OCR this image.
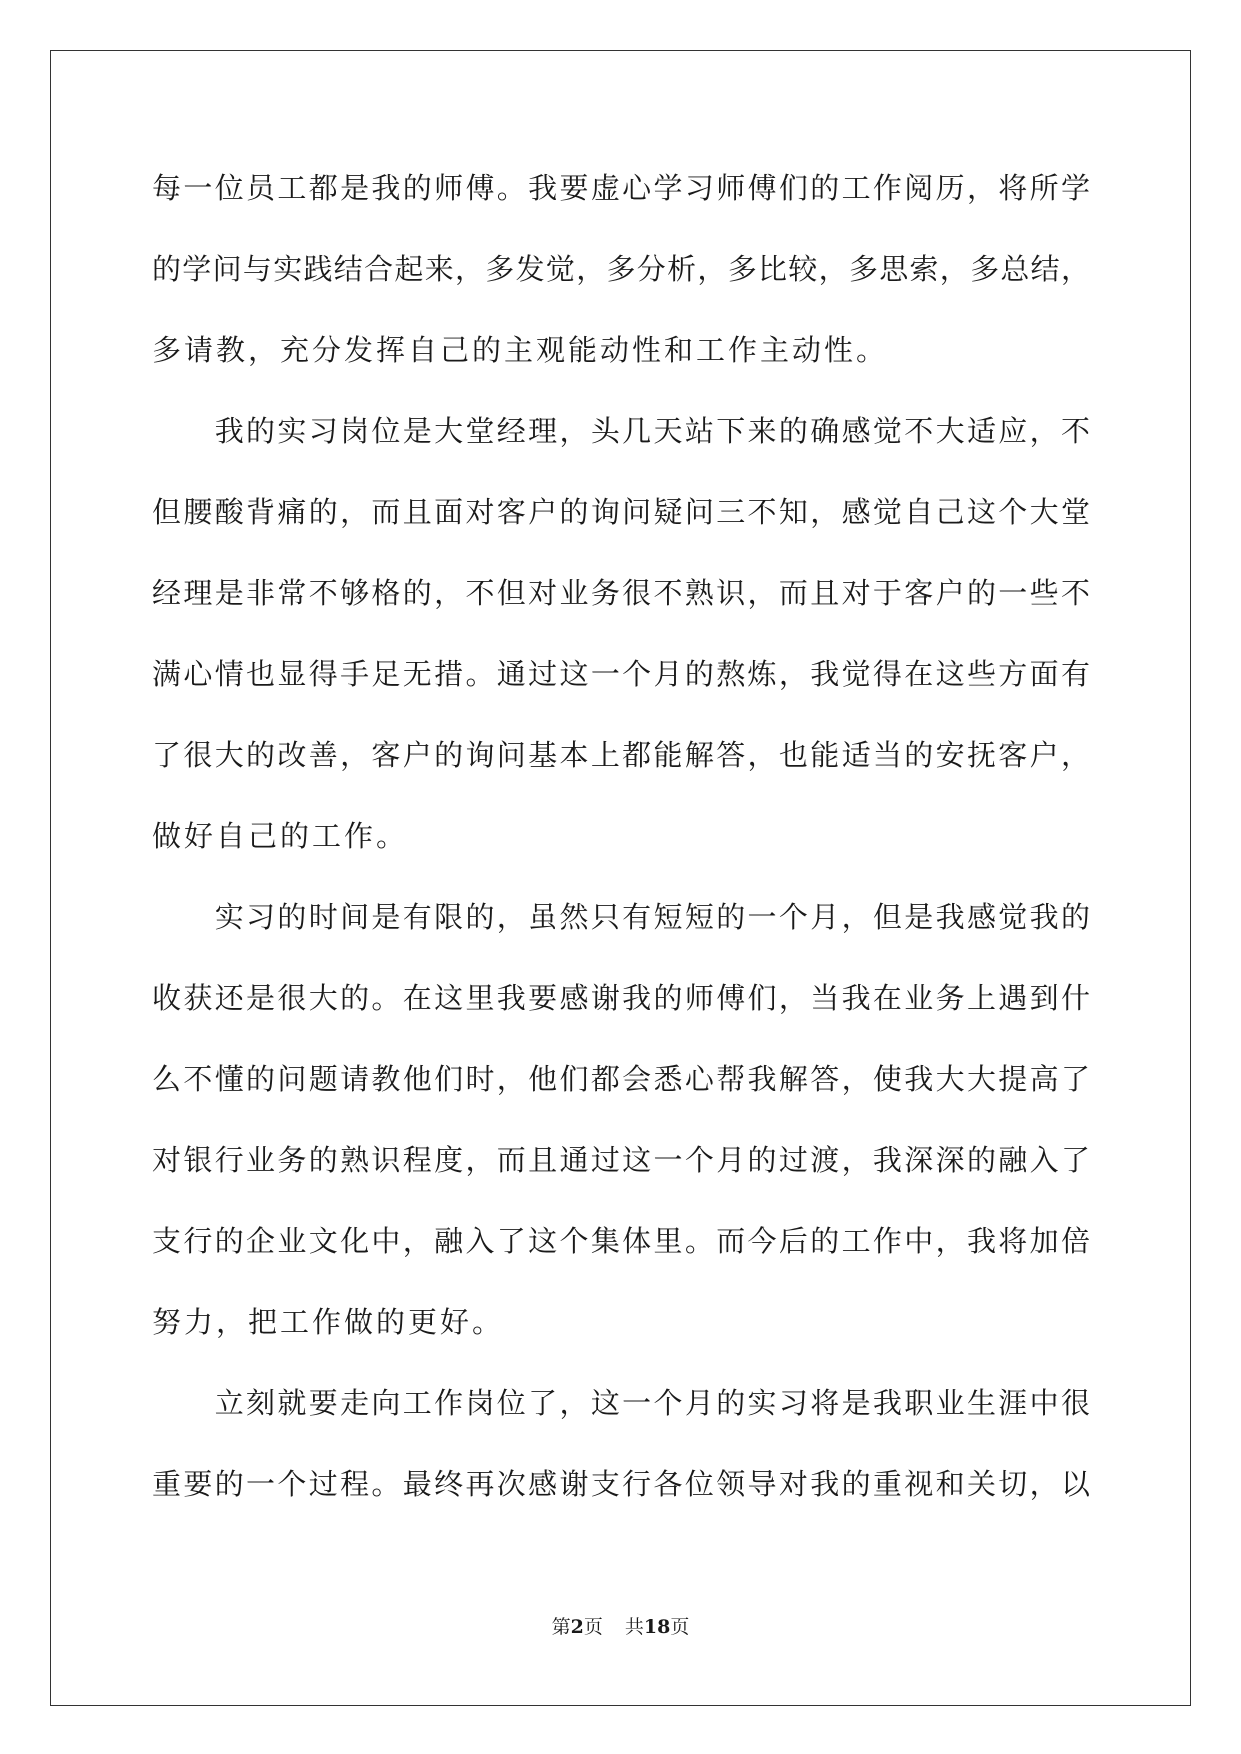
每一位员工都是我的师傅。我要虚心学习师傅们的工作阅历，将所学
的学问与实践结合起来，多发觉，多分析，多比较，多思索，多总结，
多请教，充分发挥自己的主观能动性和工作主动性。
　　我的实习岗位是大堂经理，头几天站下来的确感觉不大适应，不
但腰酸背痛的，而且面对客户的询问疑问三不知，感觉自己这个大堂
经理是非常不够格的，不但对业务很不熟识，而且对于客户的一些不
满心情也显得手足无措。通过这一个月的熬炼，我觉得在这些方面有
了很大的改善，客户的询问基本上都能解答，也能适当的安抚客户，
做好自己的工作。
　　实习的时间是有限的，虽然只有短短的一个月，但是我感觉我的
收获还是很大的。在这里我要感谢我的师傅们，当我在业务上遇到什
么不懂的问题请教他们时，他们都会悉心帮我解答，使我大大提高了
对银行业务的熟识程度，而且通过这一个月的过渡，我深深的融入了
支行的企业文化中，融入了这个集体里。而今后的工作中，我将加倍
努力，把工作做的更好。
　　立刻就要走向工作岗位了，这一个月的实习将是我职业生涯中很
重要的一个过程。最终再次感谢支行各位领导对我的重视和关切，以
第2页 共18页
